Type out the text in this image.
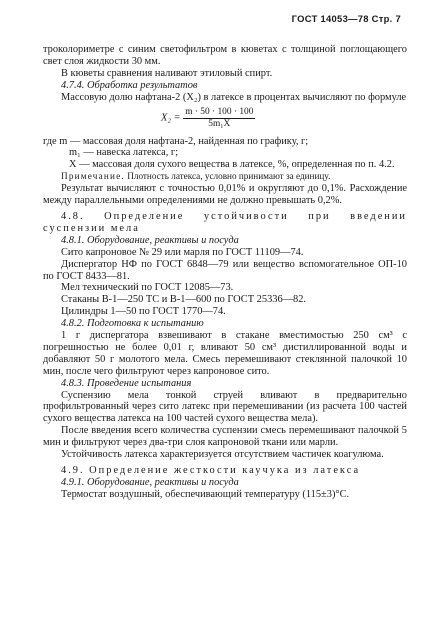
ГОСТ 14053—78 Стр. 7

троколориметре с синим светофильтром в кюветах с толщиной поглощающего свет слоя жидкости 30 мм.

В кюветы сравнения наливают этиловый спирт.

4.7.4. Обработка результатов

Массовую долю нафтана-2 (X₂) в латексе в процентах вычисляют по формуле

$X_2 = \frac{m \cdot 50 \cdot 100 \cdot 100}{\text{5m₁X}}$

где m — массовая доля нафтана-2, найденная по графику, г;

m₁ — навеска латекса, г;

X — массовая доля сухого вещества в латексе, %, определенная по п. 4.2.

Примечание. Плотность латекса, условно принимают за единицу.

Результат вычисляют с точностью 0,01% и округляют до 0,1%. Расхождение между параллельными определениями не должно превышать 0,2%.

4.8. Определение устойчивости при введении суспензии мела

4.8.1. Оборудование, реактивы и посуда

Сито капроновое № 29 или марля по ГОСТ 11109—74.

Диспергатор НФ по ГОСТ 6848—79 или вещество вспомогательное ОП-10 по ГОСТ 8433—81.

Мел технический по ГОСТ 12085—73.

Стаканы В-1—250 ТС и В-1—600 по ГОСТ 25336—82.

Цилиндры 1—50 по ГОСТ 1770—74.

4.8.2. Подготовка к испытанию

1 г диспергатора взвешивают в стакане вместимостью 250 см³ с погрешностью не более 0,01 г, вливают 50 см³ дистиллированной воды и добавляют 50 г молотого мела. Смесь перемешивают стеклянной палочкой 10 мин, после чего фильтруют через капроновое сито.

4.8.3. Проведение испытания

Суспензию мела тонкой струей вливают в предварительно профильтрованный через сито латекс при перемешивании (из расчета 100 частей сухого вещества латекса на 100 частей сухого вещества мела).

После введения всего количества суспензии смесь перемешивают палочкой 5 мин и фильтруют через два-три слоя капроновой ткани или марли.

Устойчивость латекса характеризуется отсутствием частичек коагулюма.

4.9. Определение жесткости каучука из латекса

4.9.1. Оборудование, реактивы и посуда

Термостат воздушный, обеспечивающий температуру (115±3)°С.
